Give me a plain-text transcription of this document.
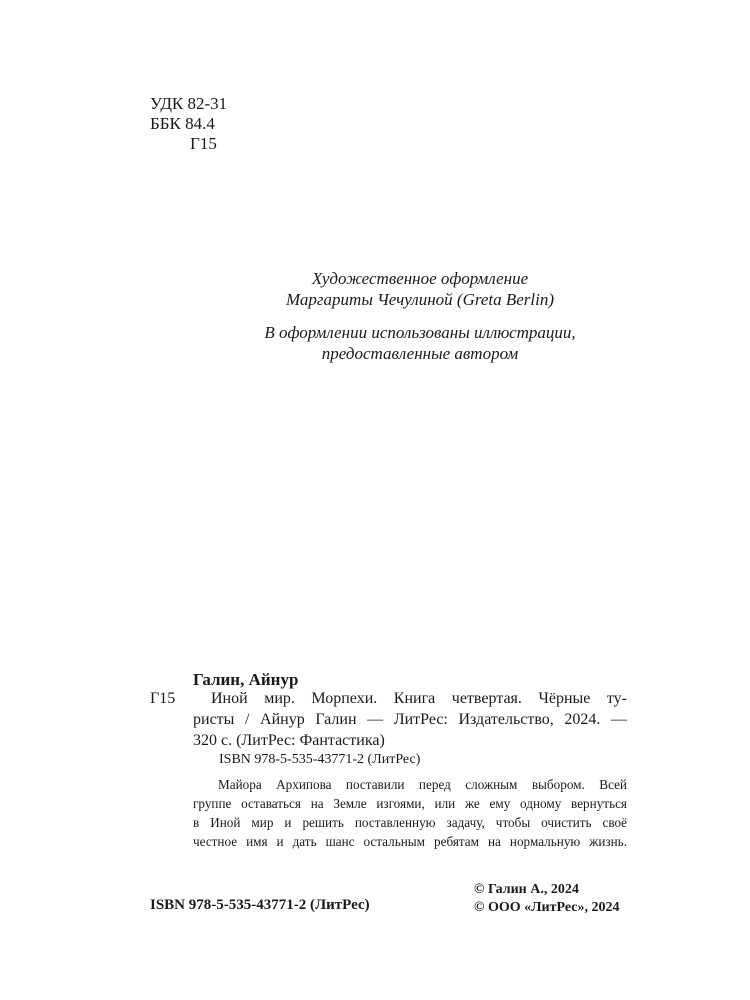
УДК 82-31
ББК 84.4
Г15
Художественное оформление
Маргариты Чечулиной (Greta Berlin)
В оформлении использованы иллюстрации,
предоставленные автором
Галин, Айнур
Г15	Иной мир. Морпехи. Книга четвертая. Чёрные ту-
ристы / Айнур Галин — ЛитРес: Издательство, 2024. —
320 с. (ЛитРес: Фантастика)
ISBN 978-5-535-43771-2 (ЛитРес)
Майора Архипова поставили перед сложным выбором. Всей
группе оставаться на Земле изгоями, или же ему одному вернуться
в Иной мир и решить поставленную задачу, чтобы очистить своё
честное имя и дать шанс остальным ребятам на нормальную жизнь.
ISBN 978-5-535-43771-2 (ЛитРес)
© Галин А., 2024
© ООО «ЛитРес», 2024
